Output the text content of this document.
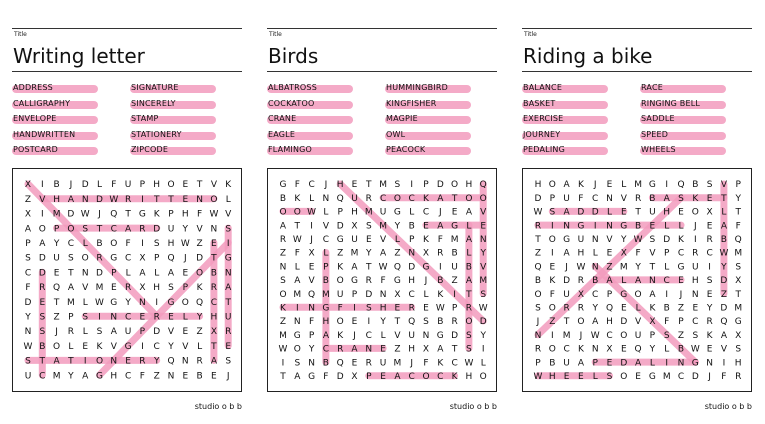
Title
Writing letter
ADDRESS
CALLIGRAPHY
ENVELOPE
HANDWRITTEN
POSTCARD
SIGNATURE
SINCERELY
STAMP
STATIONERY
ZIPCODE
X I B J D L F U P H O E T V K
Z V H A N D W R I T T E N O L
X I M D W J Q T G K P H F W V
A O P O S T C A R D U Y V N S
P A Y C L B O F I S H W Z E I
S D U S O R G C X P Q J D T G
C D E T N D P L A L A E O B N
F R Q A V M E R X H S P K R A
D E T M L W G Y N I G O Q C T
Y S Z P S I N C E R E L Y H U
N S J R L S A U P D V E Z X R
W B O L E K V G I C Y V L T E
S T A T I O N E R Y Q N R A S
U C M Y A G H C F Z N E B E J
studio o b b
Title
Birds
ALBATROSS
COCKATOO
CRANE
EAGLE
FLAMINGO
HUMMINGBIRD
KINGFISHER
MAGPIE
OWL
PEACOCK
G F C J H E T M S I P D O H Q
B K L N Q U R C O C K A T O O
O O W L P H M U G L C J E A V
A T I V D X S M Y B E A G L E
R W J C G U E V L P K F M A N
Z F X L Z M Y A Z N X R B L Y
N L E P K A T W Q D G I U B V
S A V B O G R F G H J B Z A M
O M Q M U P D N X C L K I T S
K I N G F I S H E R E W P R W
Z N F H O E I Y T Q S B R O D
M G P A K J C L V U N G D S Y
W O Y C R A N E Z H X A T S I
I S N B Q E R U M J F K C W L
T A G F D X P E A C O C K H O
studio o b b
Title
Riding a bike
BALANCE
BASKET
EXERCISE
JOURNEY
PEDALING
RACE
RINGING BELL
SADDLE
SPEED
WHEELS
H O A K J E L M G I Q B S V P
D P U F C N V R B A S K E T Y
W S A D D L E T U H E O X L T
R I N G I N G B E L L J E A F
T O G U N V Y W S D K I R B Q
Z I A H L E X F V P C R C W M
Q E J W N Z M Y T L G U I Y S
B K D R B A L A N C E H S D X
O F U X C P G O A I J N E Z T
S O R R Y Q E L K B Z E Y D M
J Z T O A H D V X F P C R Q G
N I M J W C O U P S Z S K A X
R O C K N X E Q Y L B W E V S
P B U A P E D A L I N G N I H
W H E E L S O E G M C D J F R
studio o b b
